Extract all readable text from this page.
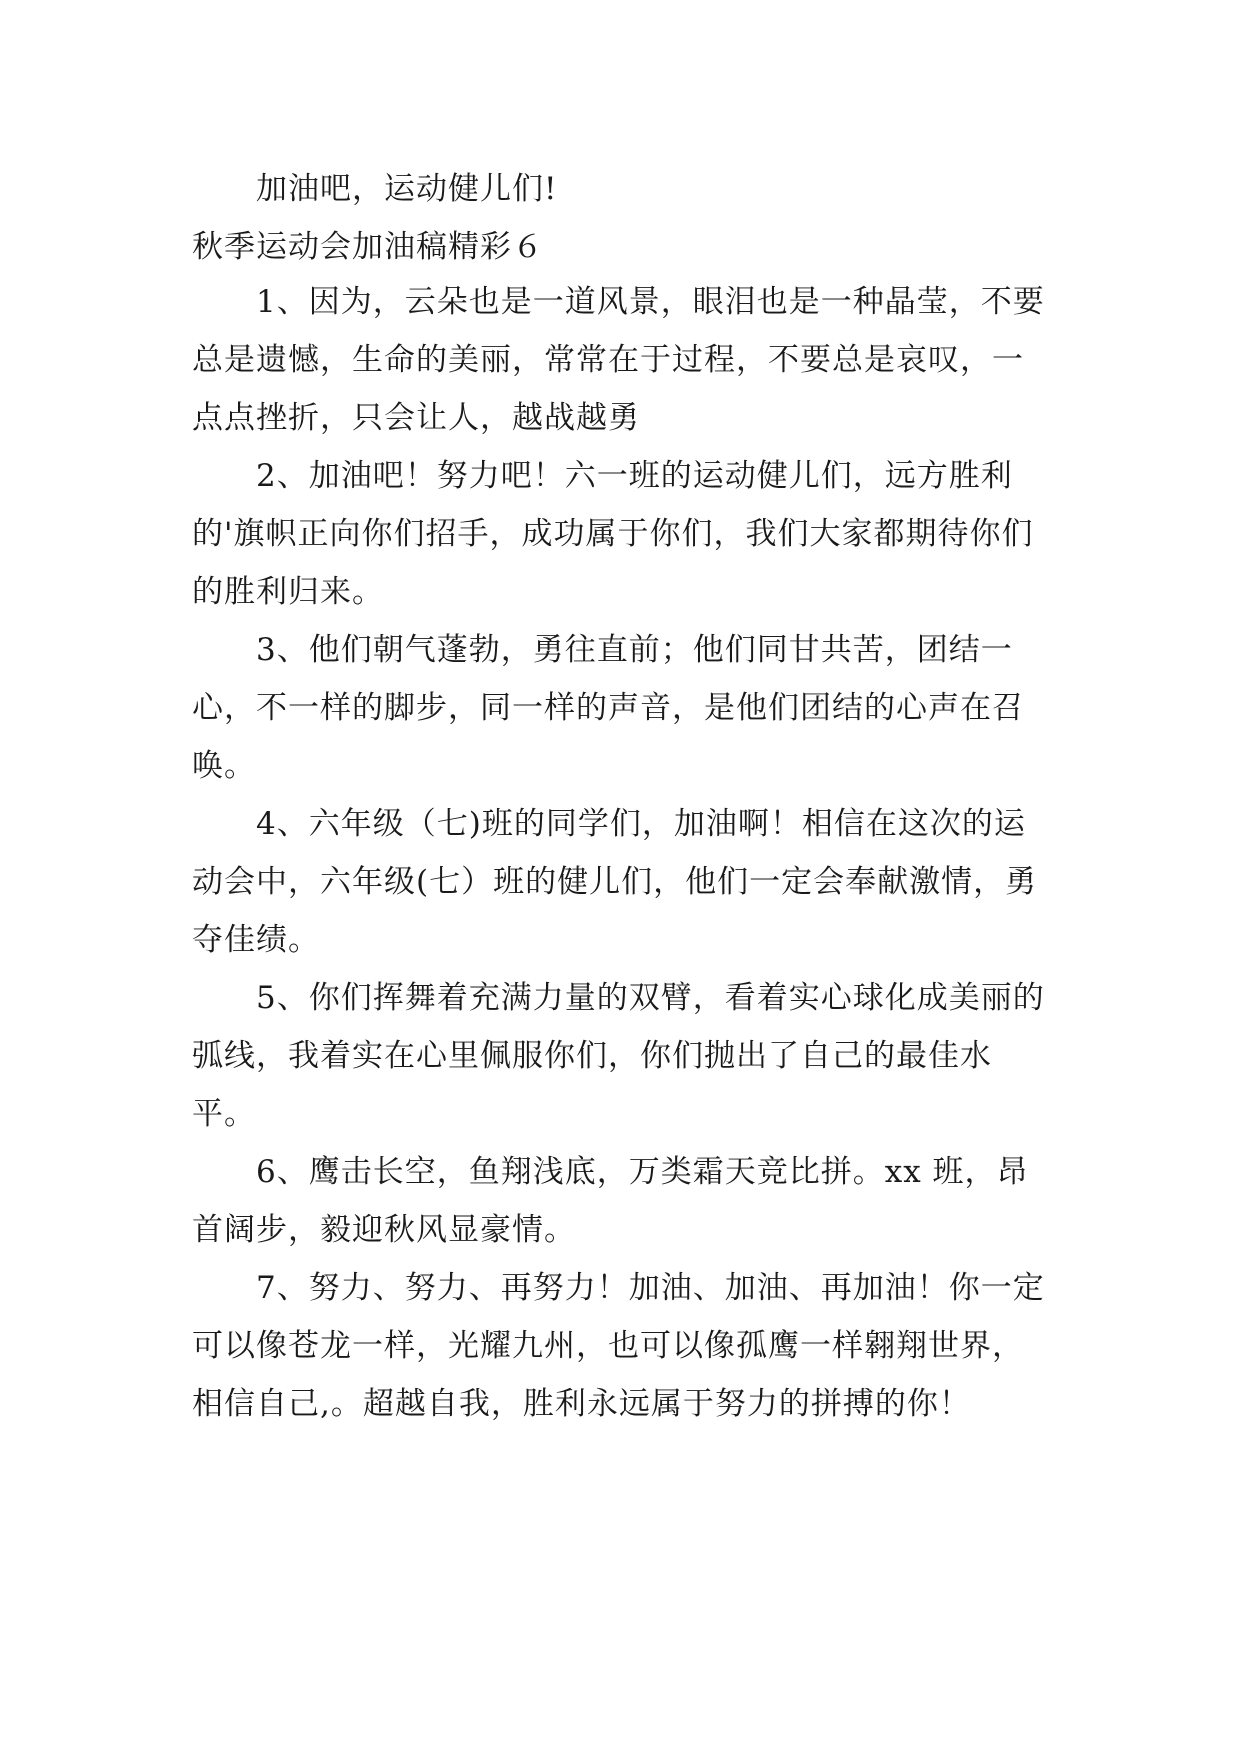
加油吧，运动健儿们!

秋季运动会加油稿精彩６

1、因为，云朵也是一道风景，眼泪也是一种晶莹，不要总是遗憾，生命的美丽，常常在于过程，不要总是哀叹，一点点挫折，只会让人，越战越勇

2、加油吧！努力吧！六一班的运动健儿们，远方胜利的'旗帜正向你们招手，成功属于你们，我们大家都期待你们的胜利归来。

3、他们朝气蓬勃，勇往直前；他们同甘共苦，团结一心，不一样的脚步，同一样的声音，是他们团结的心声在召唤。

4、六年级（七)班的同学们，加油啊！相信在这次的运动会中，六年级(七）班的健儿们，他们一定会奉献激情，勇夺佳绩。

5、你们挥舞着充满力量的双臂，看着实心球化成美丽的弧线，我着实在心里佩服你们，你们抛出了自己的最佳水平。

6、鹰击长空，鱼翔浅底，万类霜天竞比拼。xx 班，昂首阔步，毅迎秋风显豪情。

7、努力、努力、再努力！加油、加油、再加油！你一定可以像苍龙一样，光耀九州，也可以像孤鹰一样翱翔世界，相信自己,。超越自我，胜利永远属于努力的拼搏的你！
